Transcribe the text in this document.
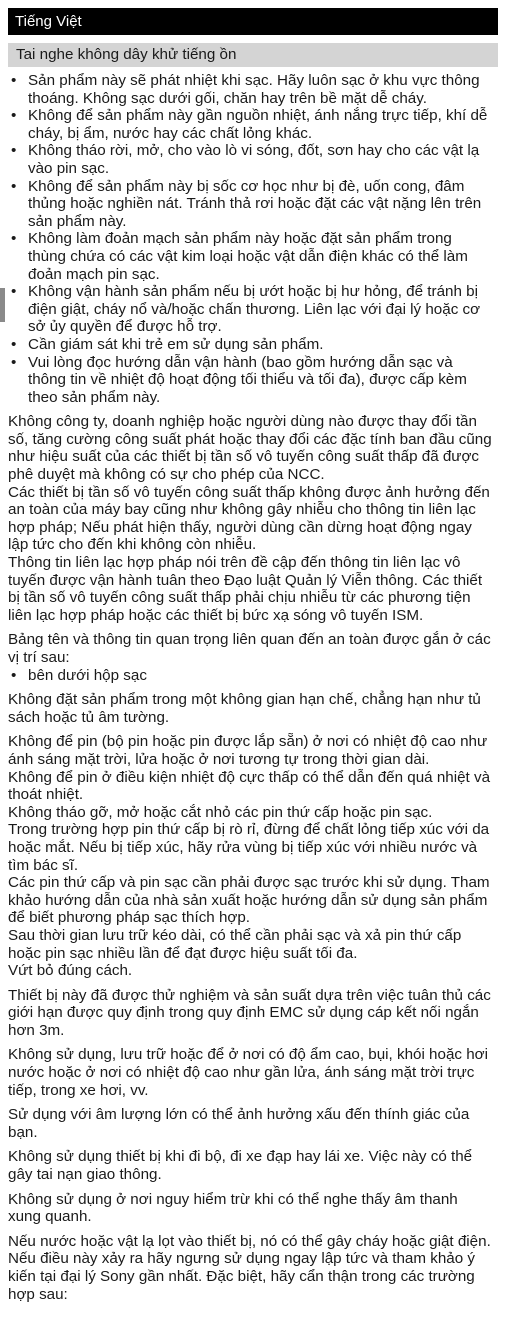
Tiếng Việt
Tai nghe không dây khử tiếng ồn
• Sản phẩm này sẽ phát nhiệt khi sạc. Hãy luôn sạc ở khu vực thông thoáng. Không sạc dưới gối, chăn hay trên bề mặt dễ cháy.
• Không để sản phẩm này gần nguồn nhiệt, ánh nắng trực tiếp, khí dễ cháy, bị ẩm, nước hay các chất lỏng khác.
• Không tháo rời, mở, cho vào lò vi sóng, đốt, sơn hay cho các vật lạ vào pin sạc.
• Không để sản phẩm này bị sốc cơ học như bị đè, uốn cong, đâm thủng hoặc nghiền nát. Tránh thả rơi hoặc đặt các vật nặng lên trên sản phẩm này.
• Không làm đoản mạch sản phẩm này hoặc đặt sản phẩm trong thùng chứa có các vật kim loại hoặc vật dẫn điện khác có thể làm đoản mạch pin sạc.
• Không vận hành sản phẩm nếu bị ướt hoặc bị hư hỏng, để tránh bị điện giật, cháy nổ và/hoặc chấn thương. Liên lạc với đại lý hoặc cơ sở ủy quyền để được hỗ trợ.
• Cần giám sát khi trẻ em sử dụng sản phẩm.
• Vui lòng đọc hướng dẫn vận hành (bao gồm hướng dẫn sạc và thông tin về nhiệt độ hoạt động tối thiểu và tối đa), được cấp kèm theo sản phẩm này.

Không công ty, doanh nghiệp hoặc người dùng nào được thay đổi tần số, tăng cường công suất phát hoặc thay đổi các đặc tính ban đầu cũng như hiệu suất của các thiết bị tần số vô tuyến công suất thấp đã được phê duyệt mà không có sự cho phép của NCC.

Các thiết bị tần số vô tuyến công suất thấp không được ảnh hưởng đến an toàn của máy bay cũng như không gây nhiễu cho thông tin liên lạc hợp pháp; Nếu phát hiện thấy, người dùng cần dừng hoạt động ngay lập tức cho đến khi không còn nhiễu.

Thông tin liên lạc hợp pháp nói trên đề cập đến thông tin liên lạc vô tuyến được vận hành tuân theo Đạo luật Quản lý Viễn thông. Các thiết bị tần số vô tuyến công suất thấp phải chịu nhiễu từ các phương tiện liên lạc hợp pháp hoặc các thiết bị bức xạ sóng vô tuyến ISM.

Bảng tên và thông tin quan trọng liên quan đến an toàn được gắn ở các vị trí sau:

• bên dưới hộp sạc

Không đặt sản phẩm trong một không gian hạn chế, chẳng hạn như tủ sách hoặc tủ âm tường.

Không để pin (bộ pin hoặc pin được lắp sẵn) ở nơi có nhiệt độ cao như ánh sáng mặt trời, lửa hoặc ở nơi tương tự trong thời gian dài.

Không để pin ở điều kiện nhiệt độ cực thấp có thể dẫn đến quá nhiệt và thoát nhiệt.

Không tháo gỡ, mở hoặc cắt nhỏ các pin thứ cấp hoặc pin sạc.

Trong trường hợp pin thứ cấp bị rò rỉ, đừng để chất lỏng tiếp xúc với da hoặc mắt. Nếu bị tiếp xúc, hãy rửa vùng bị tiếp xúc với nhiều nước và tìm bác sĩ.

Các pin thứ cấp và pin sạc cần phải được sạc trước khi sử dụng. Tham khảo hướng dẫn của nhà sản xuất hoặc hướng dẫn sử dụng sản phẩm để biết phương pháp sạc thích hợp.

Sau thời gian lưu trữ kéo dài, có thể cần phải sạc và xả pin thứ cấp hoặc pin sạc nhiều lần để đạt được hiệu suất tối đa.

Vứt bỏ đúng cách.

Thiết bị này đã được thử nghiệm và sản suất dựa trên việc tuân thủ các giới hạn được quy định trong quy định EMC sử dụng cáp kết nối ngắn hơn 3m.

Không sử dụng, lưu trữ hoặc để ở nơi có độ ẩm cao, bụi, khói hoặc hơi nước hoặc ở nơi có nhiệt độ cao như gần lửa, ánh sáng mặt trời trực tiếp, trong xe hơi, vv.

Sử dụng với âm lượng lớn có thể ảnh hưởng xấu đến thính giác của bạn.

Không sử dụng thiết bị khi đi bộ, đi xe đạp hay lái xe. Việc này có thể gây tai nạn giao thông.

Không sử dụng ở nơi nguy hiểm trừ khi có thể nghe thấy âm thanh xung quanh.

Nếu nước hoặc vật lạ lọt vào thiết bị, nó có thể gây cháy hoặc giật điện. Nếu điều này xảy ra hãy ngưng sử dụng ngay lập tức và tham khảo ý kiến tại đại lý Sony gần nhất. Đặc biệt, hãy cẩn thận trong các trường hợp sau:
